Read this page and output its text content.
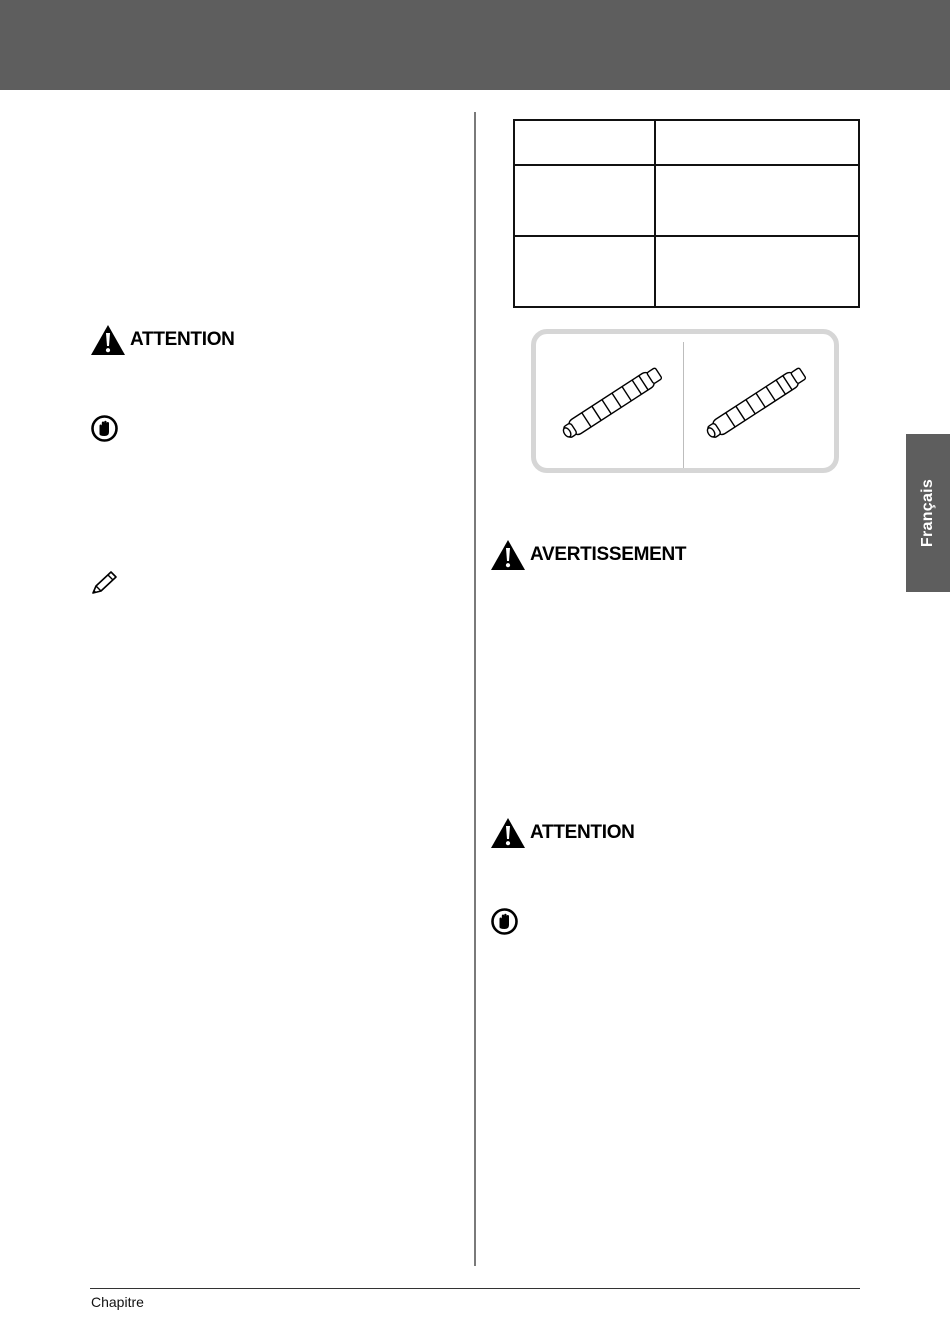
Français
ATTENTION

AVERTISSEMENT
ATTENTION
Chapitre
